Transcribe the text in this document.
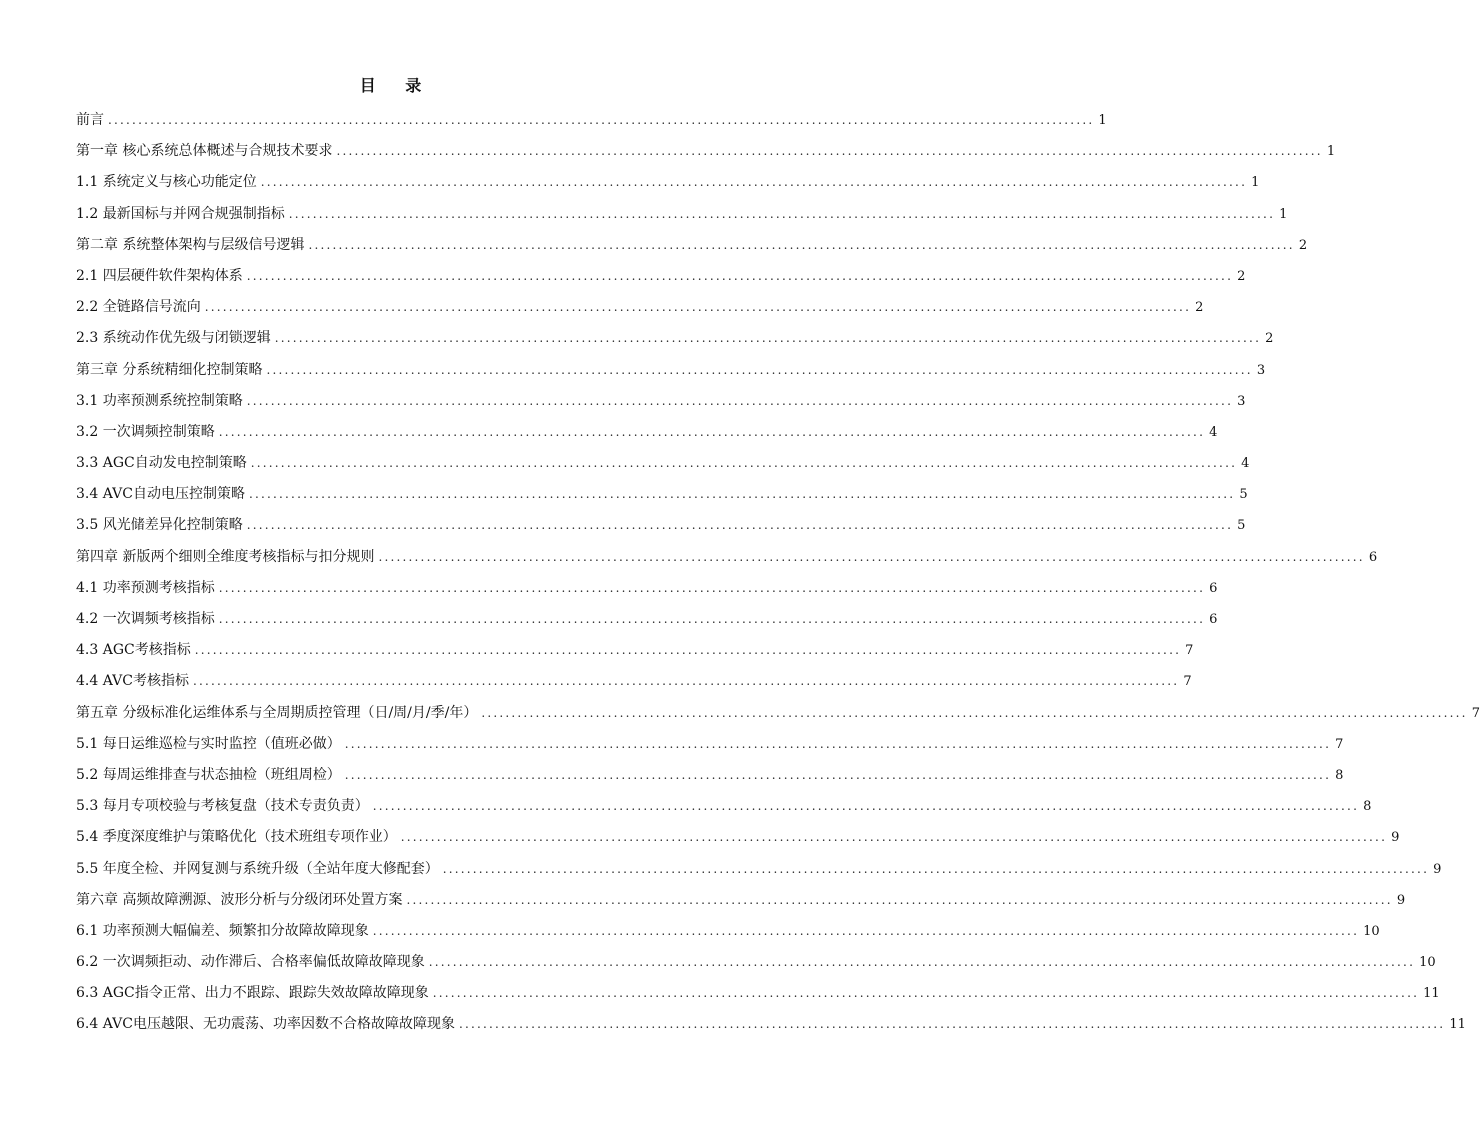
目 录
前言 .................................................................................................................................................................... 1
第一章 核心系统总体概述与合规技术要求 .................................................................................................................................................................... 1
1.1 系统定义与核心功能定位 .................................................................................................................................................................... 1
1.2 最新国标与并网合规强制指标 .................................................................................................................................................................... 1
第二章 系统整体架构与层级信号逻辑 .................................................................................................................................................................... 2
2.1 四层硬件软件架构体系 .................................................................................................................................................................... 2
2.2 全链路信号流向 .................................................................................................................................................................... 2
2.3 系统动作优先级与闭锁逻辑 .................................................................................................................................................................... 2
第三章 分系统精细化控制策略 .................................................................................................................................................................... 3
3.1 功率预测系统控制策略 .................................................................................................................................................................... 3
3.2 一次调频控制策略 .................................................................................................................................................................... 4
3.3 AGC自动发电控制策略 .................................................................................................................................................................... 4
3.4 AVC自动电压控制策略 .................................................................................................................................................................... 5
3.5 风光储差异化控制策略 .................................................................................................................................................................... 5
第四章 新版两个细则全维度考核指标与扣分规则 .................................................................................................................................................................... 6
4.1 功率预测考核指标 .................................................................................................................................................................... 6
4.2 一次调频考核指标 .................................................................................................................................................................... 6
4.3 AGC考核指标 .................................................................................................................................................................... 7
4.4 AVC考核指标 .................................................................................................................................................................... 7
第五章 分级标准化运维体系与全周期质控管理（日/周/月/季/年） .................................................................................................................................................................... 7
5.1 每日运维巡检与实时监控（值班必做） .................................................................................................................................................................... 7
5.2 每周运维排查与状态抽检（班组周检） .................................................................................................................................................................... 8
5.3 每月专项校验与考核复盘（技术专责负责） .................................................................................................................................................................... 8
5.4 季度深度维护与策略优化（技术班组专项作业） .................................................................................................................................................................... 9
5.5 年度全检、并网复测与系统升级（全站年度大修配套） .................................................................................................................................................................... 9
第六章 高频故障溯源、波形分析与分级闭环处置方案 .................................................................................................................................................................... 9
6.1 功率预测大幅偏差、频繁扣分故障故障现象 .................................................................................................................................................................... 10
6.2 一次调频拒动、动作滞后、合格率偏低故障故障现象 .................................................................................................................................................................... 10
6.3 AGC指令正常、出力不跟踪、跟踪失效故障故障现象 .................................................................................................................................................................... 11
6.4 AVC电压越限、无功震荡、功率因数不合格故障故障现象 .................................................................................................................................................................... 11
